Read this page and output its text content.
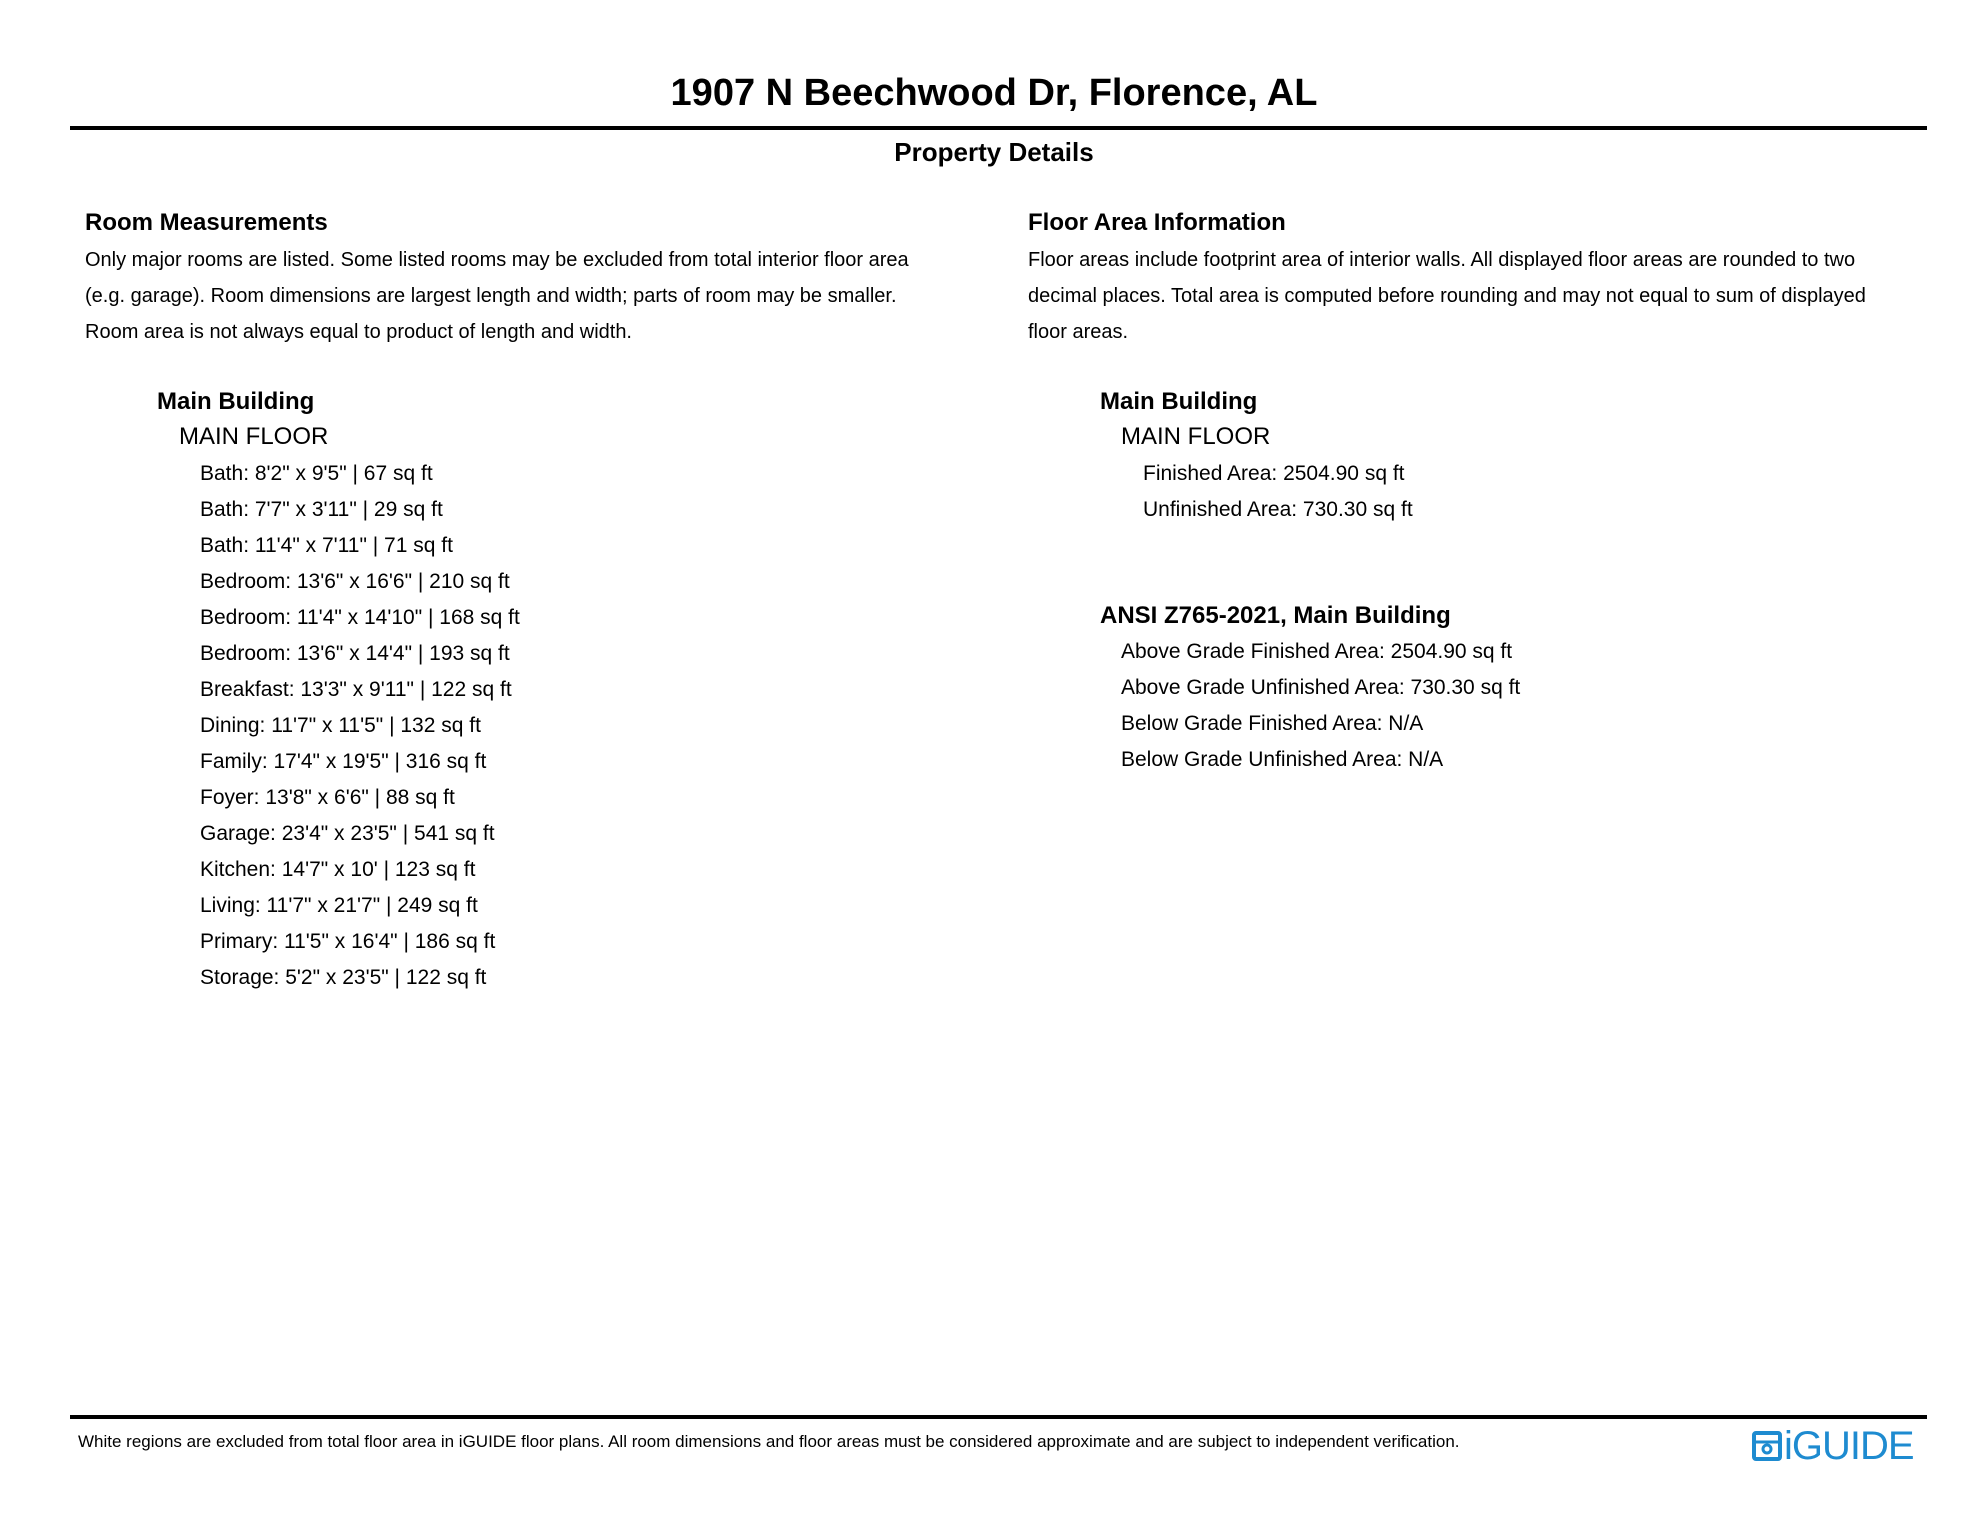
1907 N Beechwood Dr, Florence, AL
Property Details
Room Measurements
Only major rooms are listed. Some listed rooms may be excluded from total interior floor area
(e.g. garage). Room dimensions are largest length and width; parts of room may be smaller.
Room area is not always equal to product of length and width.
Main Building
MAIN FLOOR
Bath: 8'2" x 9'5" | 67 sq ft
Bath: 7'7" x 3'11" | 29 sq ft
Bath: 11'4" x 7'11" | 71 sq ft
Bedroom: 13'6" x 16'6" | 210 sq ft
Bedroom: 11'4" x 14'10" | 168 sq ft
Bedroom: 13'6" x 14'4" | 193 sq ft
Breakfast: 13'3" x 9'11" | 122 sq ft
Dining: 11'7" x 11'5" | 132 sq ft
Family: 17'4" x 19'5" | 316 sq ft
Foyer: 13'8" x 6'6" | 88 sq ft
Garage: 23'4" x 23'5" | 541 sq ft
Kitchen: 14'7" x 10' | 123 sq ft
Living: 11'7" x 21'7" | 249 sq ft
Primary: 11'5" x 16'4" | 186 sq ft
Storage: 5'2" x 23'5" | 122 sq ft
Floor Area Information
Floor areas include footprint area of interior walls. All displayed floor areas are rounded to two
decimal places. Total area is computed before rounding and may not equal to sum of displayed
floor areas.
Main Building
MAIN FLOOR
Finished Area: 2504.90 sq ft
Unfinished Area: 730.30 sq ft
ANSI Z765-2021, Main Building
Above Grade Finished Area: 2504.90 sq ft
Above Grade Unfinished Area: 730.30 sq ft
Below Grade Finished Area: N/A
Below Grade Unfinished Area: N/A
White regions are excluded from total floor area in iGUIDE floor plans. All room dimensions and floor areas must be considered approximate and are subject to independent verification.	iGUIDE
